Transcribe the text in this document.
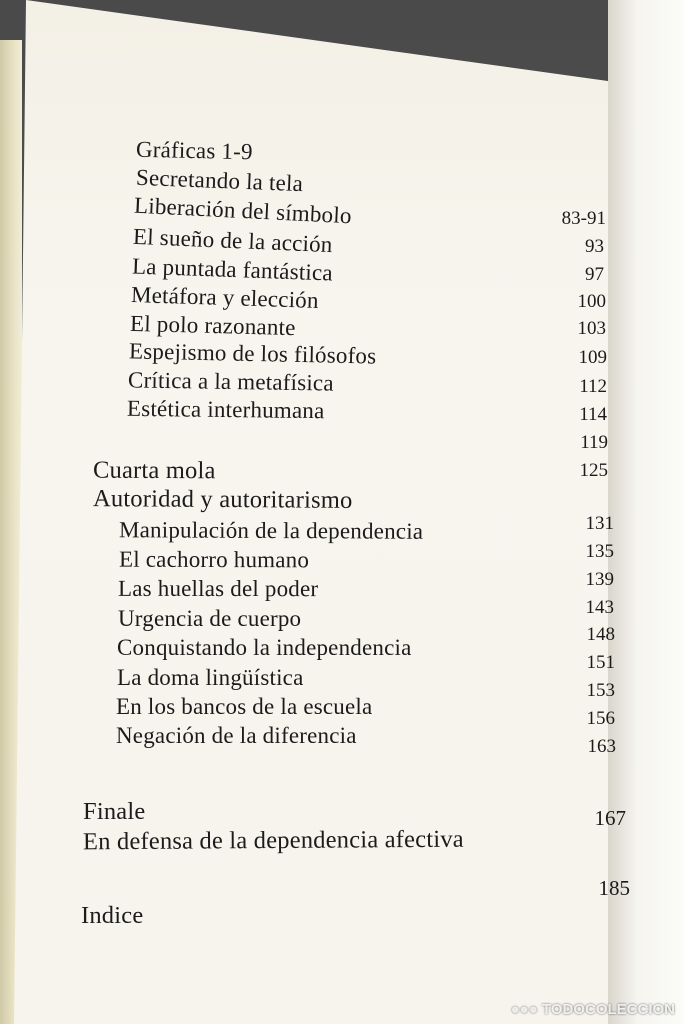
Gráficas 1-9

Secretando la tela

Liberación del símbolo

El sueño de la acción

La puntada fantástica

Metáfora y elección

El polo razonante

Espejismo de los filósofos

Crítica a la metafísica

Estética interhumana

83-91

93

97

100

103

109

112

114

119

125

Cuarta mola

Autoridad y autoritarismo

Manipulación de la dependencia

El cachorro humano

Las huellas del poder

Urgencia de cuerpo

Conquistando la independencia

La doma lingüística

En los bancos de la escuela

Negación de la diferencia

131

135

139

143

148

151

153

156

163

Finale

En defensa de la dependencia afectiva

167

185

Indice

●●● TODOCOLECCION
